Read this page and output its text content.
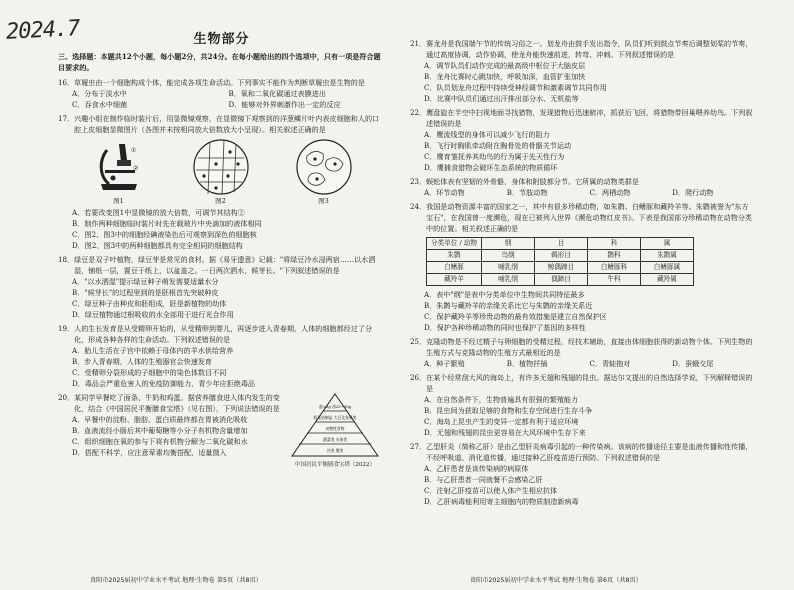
2024.7	生物部分
三、选择题：本题共12个小题，每小题2分，共24分。在每小题给出的四个选项中，只有一项是符合题目要求的。
16．草履虫由一个细胞构成个体，能完成各项生命活动。下列事实不能作为判断草履虫是生物的是
A．分布于淡水中	B．氧和二氧化碳通过表膜进出
C．吞食水中细菌	D．能够对外界刺激作出一定的反应
17．兴趣小组在制作临时装片后，用显微镜观察，在显微镜下观察到的洋葱鳞片叶内表皮细胞和人的口腔上皮细胞显微图片（各图并未按相同放大倍数放大小呈现）。相关叙述正确的是
①
②
图1	图2	图3
A．若要改变图1中显微镜的放大倍数，可调节其结构②
B．制作两种细胞临时装片时先在载玻片中央滴加的液体相同
C．图2、图3中的细胞经碘液染色后可观察到深色的细胞核
D．图2、图3中的两种细胞都具有完全相同的细胞结构
18．绿豆是双子叶植物，绿豆芽是常见的食材。据《易牙遗意》记载："将绿豆冷水浸两宿……以水洒湿，铺纸一层，置豆于纸上，以盆盖之。一日两次洒水，候芽长。"下列叙述错误的是
A．"以水洒湿"提示绿豆种子萌发需要适量水分
B．"候芽长"的过程里到的是胚根首先突破种皮
C．绿豆种子由种皮和胚组成，胚是新植物的幼体
D．绿豆植物通过根吸收的水全部用于进行光合作用
19．人的生长发育是从受精卵开始的，从受精卵到婴儿，再逐步进入青春期，人体的细胞都经过了分化，形成各种各样的生命活动。下列叙述错误的是
A．胎儿生活在子宫中依赖于母体内的羊水供给营养
B．步入青春期，人体的生殖器官会快速发育
C．受精卵分裂形成的子细胞中的染色体数目不同
D．毒品会严重危害人的免疫防御能力，青少年应拒绝毒品
20．某同学早餐吃了面条、牛奶和鸡蛋。据营养膳食进入体内发生的变化，结合《中国居民平衡膳食宝塔》（见右图），下列说法错误的是
A．早餐中的淀粉、脂肪、蛋白质最终都在胃被消化吸收
B．血液流经小肠后其中葡萄糖等小分子有机物含量增加
C．组织细胞在氧的参与下将有机物分解为二氧化碳和水
D．搭配不科学，应注意荤素均衡搭配、适量摄入
盐<5g 油25~30g
奶及奶制品 大豆及坚果类
动物性食物
蔬菜类 水果类
谷类 薯类
中国居民平衡膳食宝塔（2022）
21．赛龙舟是我国端午节的传统习俗之一。划龙舟由鼓手发出指令，队员们听到鼓点节奏后调整划桨的节奏，通过高度协调，动作协调，使龙舟能快速前进，转弯、冲刺。下列叙述错误的是
A．调节队员们动作完成的最高级中枢位于大脑皮层
B．龙舟比赛时心跳加快，呼吸加深，血管扩张加快
C．队员划龙舟过程中持续受神经调节和激素调节共同作用
D．比赛中队员们通过出汗排出部分水、无机盐等
22．鹰盘旋在半空中扫视地面寻找猎物，发现猎物后迅速俯冲，抓获后飞回，将猎物带回巢喂养幼鸟。下列叙述错误的是
A．鹰流线型的身体可以减少飞行的阻力
B．飞行时胸肌牵动附在胸骨处的骨骼关节运动
C．鹰育雏抚养其幼鸟的行为属于先天性行为
D．鹰捕食猎物会破坏生态系统的物质循环
23．蜈蚣体表有坚韧的外骨骼，身体和附肢都分节。它所属的动物类群是
A．环节动物	B．节肢动物	C．两栖动物	D．爬行动物
24．我国是动物资源丰富的国家之一，其中有很多珍稀动物，如朱鹮、白鳍豚和藏羚羊等。朱鹮被誉为"东方宝石"，在我国曾一度濒危，现在已被列入世界《濒危动物红皮书》。下表是我国部分珍稀动物在动物分类中的位置。相关叙述正确的是
分类单位 / 动物	纲	目	科	属
朱鹮	鸟纲	鹈形目	鹮科	朱鹮属
白鳍豚	哺乳纲	鲸偶蹄目	白鳍豚科	白鳍豚属
藏羚羊	哺乳纲	偶蹄目	牛科	藏羚属
A．表中"纲"是表中分类单位中生物间共同特征最多
B．朱鹮与藏羚羊的亲缘关系比它与朱鹮的亲缘关系近
C．保护藏羚羊等珍贵动物的最有效措施是建立自然保护区
D．保护各种珍稀动物的同时也保护了基因的多样性
25．克隆动物是不经过精子与卵细胞的受精过程，经技术辅助，直接由体细胞获得的新动物个体。下列生物的生殖方式与克隆动物的生殖方式最相近的是
A．种子繁殖	B．植物扦插	C．青蛙抱对	D．蚕蛾交尾
26．在某个经常刮大风的海岛上，有许多无翅和残翅的昆虫。据达尔文提出的自然选择学说，下列解释错误的是
A．在自然条件下，生物普遍具有很强的繁殖能力
B．昆虫间为获取足够的食物和生存空间进行生存斗争
C．海岛上昆虫产生的变异一定都有利于适应环境
D．无翅和残翅的昆虫更容易在大风环境中生存下来
27．乙型肝炎（简称乙肝）是由乙型肝炎病毒引起的一种传染病。该病的传播途径主要是血液传播和性传播，不经呼吸道、消化道传播，通过接种乙肝疫苗进行预防。下列叙述错误的是
A．乙肝患者是该传染病的病原体
B．与乙肝患者一同就餐不会感染乙肝
C．注射乙肝疫苗可以使人体产生相应抗体
D．乙肝病毒能利用寄主细胞内的物质制造新病毒
贵阳市2025届初中学业水平考试 地理·生物卷 第5页（共8页）	贵阳市2025届初中学业水平考试 地理·生物卷 第6页（共8页）
